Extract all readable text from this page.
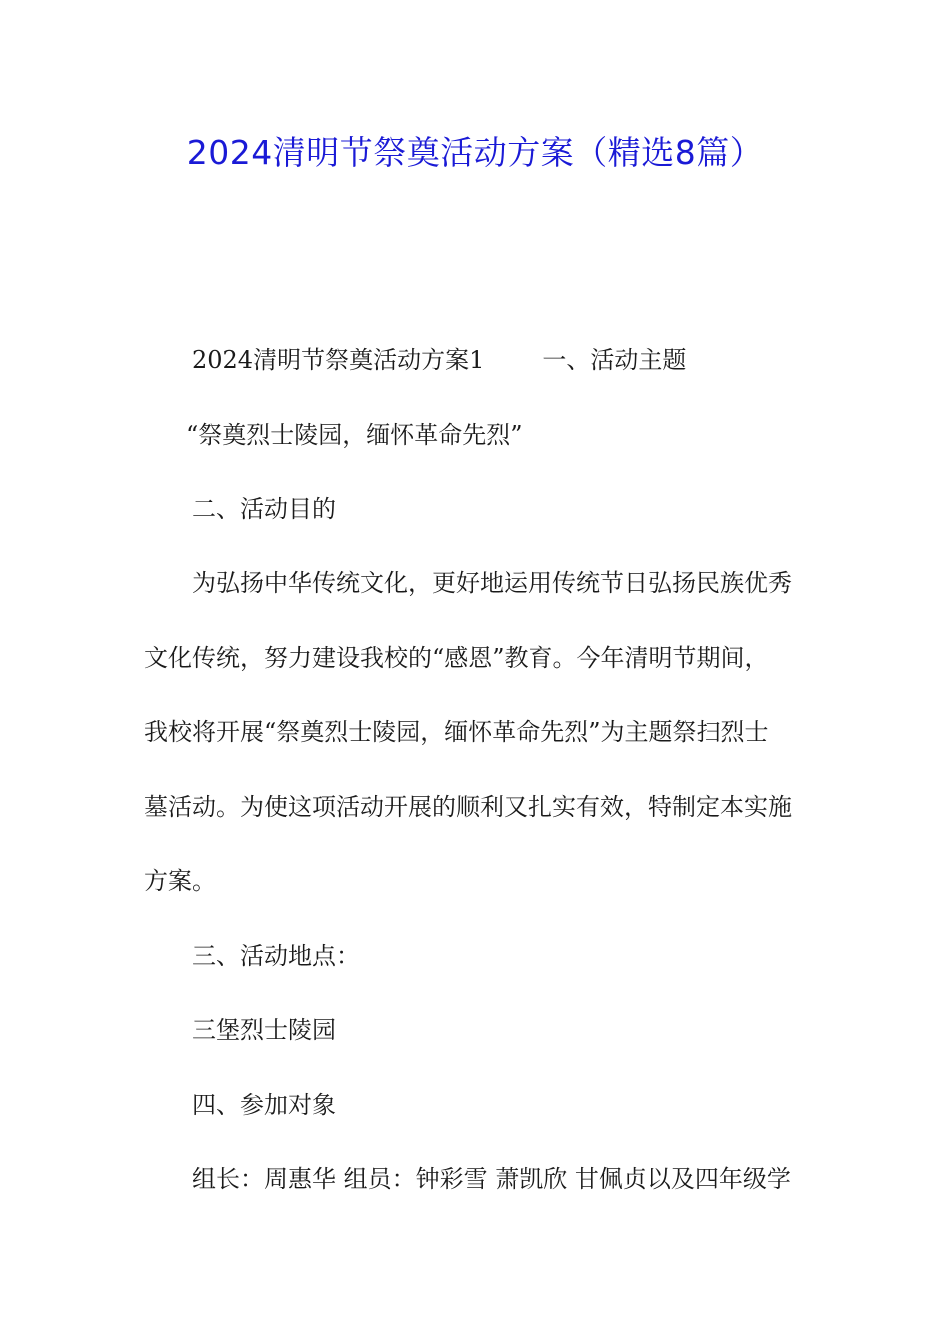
2024清明节祭奠活动方案（精选8篇）
2024清明节祭奠活动方案1 一、活动主题
“祭奠烈士陵园，缅怀革命先烈”
二、活动目的
为弘扬中华传统文化，更好地运用传统节日弘扬民族优秀
文化传统，努力建设我校的“感恩”教育。今年清明节期间，
我校将开展“祭奠烈士陵园，缅怀革命先烈”为主题祭扫烈士
墓活动。为使这项活动开展的顺利又扎实有效，特制定本实施
方案。
三、活动地点：
三堡烈士陵园
四、参加对象
组长：周惠华 组员：钟彩雪 萧凯欣 甘佩贞以及四年级学
